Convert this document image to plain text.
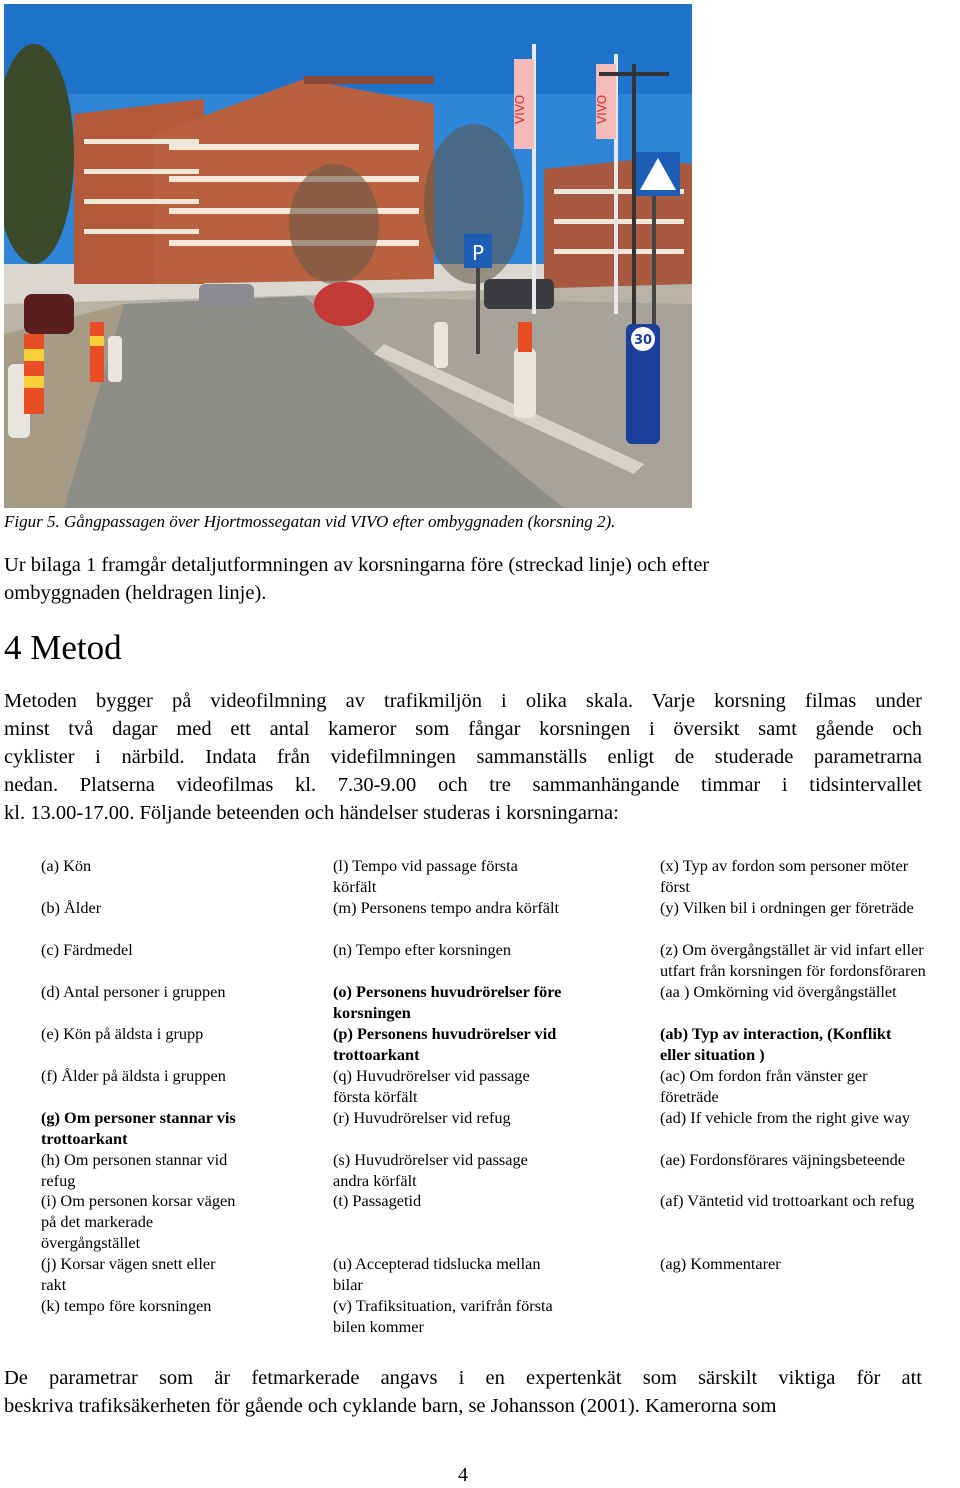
VIVO	VIVO
P
30
Figur 5. Gångpassagen över Hjortmossegatan vid VIVO efter ombyggnaden (korsning 2).
Ur bilaga 1 framgår detaljutformningen av korsningarna före (streckad linje) och efter
ombyggnaden (heldragen linje).
4 Metod
Metoden bygger på videofilmning av trafikmiljön i olika skala. Varje korsning filmas under
minst två dagar med ett antal kameror som fångar korsningen i översikt samt gående och
cyklister i närbild. Indata från videfilmningen sammanställs enligt de studerade parametrarna
nedan. Platserna videofilmas kl. 7.30-9.00 och tre sammanhängande timmar i tidsintervallet
kl. 13.00-17.00. Följande beteenden och händelser studeras i korsningarna:
(a) Kön
(b) Ålder
(c) Färdmedel
(d) Antal personer i gruppen
(e) Kön på äldsta i grupp
(f) Ålder på äldsta i gruppen
(g) Om personer stannar vis
trottoarkant
(h) Om personen stannar vid
refug
(i) Om personen korsar vägen
på det markerade
övergångstället
(j) Korsar vägen snett eller
rakt
(k) tempo före korsningen
(l) Tempo vid passage första
körfält
(m) Personens tempo andra körfält
(n) Tempo efter korsningen
(o) Personens huvudrörelser före
korsningen
(p) Personens huvudrörelser vid
trottoarkant
(q) Huvudrörelser vid passage
första körfält
(r) Huvudrörelser vid refug
(s) Huvudrörelser vid passage
andra körfält
(t) Passagetid
(u) Accepterad tidslucka mellan
bilar
(v) Trafiksituation, varifrån första
bilen kommer
(x) Typ av fordon som personer möter
först
(y) Vilken bil i ordningen ger företräde
(z) Om övergångstället är vid infart eller
utfart från korsningen för fordonsföraren
(aa ) Omkörning vid övergångstället
(ab) Typ av interaction, (Konflikt
eller situation )
(ac) Om fordon från vänster ger
företräde
(ad) If vehicle from the right give way
(ae) Fordonsförares väjningsbeteende
(af) Väntetid vid trottoarkant och refug
(ag) Kommentarer
De parametrar som är fetmarkerade angavs i en expertenkät som särskilt viktiga för att
beskriva trafiksäkerheten för gående och cyklande barn, se Johansson (2001). Kamerorna som
4
